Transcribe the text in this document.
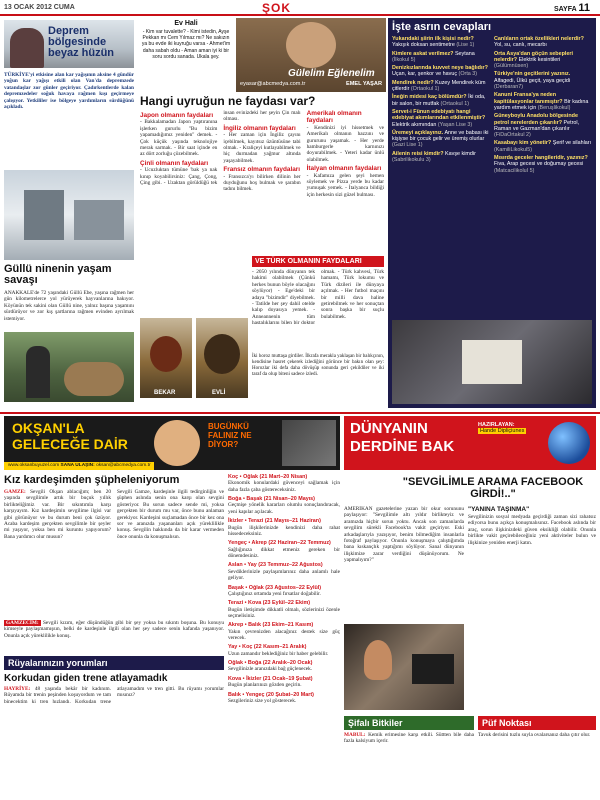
13 OCAK 2012 CUMA	ŞOK	SAYFA 11
Deprem bölgesinde beyaz hüzün
TÜRKİYE'yi etkisine alan kar yağışının aksine 4 gündür yoğun kar yağışı etkili olan Van'da depremzede vatandaşlar zor günler geçiriyor. Çadırkentlerde kalan depremzedeler soğuk havaya rağmen kışı geçirmeye çalışıyor. Yetkililer ise bölgeye yardımların sürdüğünü açıkladı.
Güllü ninenin yaşam savaşı
ANAKKALE'de 72 yaşındaki Güllü Ebe, yaşına rağmen her gün kilometrelerce yol yürüyerek hayvanlarına bakıyor. Köyünün tek sakini olan Güllü nine, yalnız başına yaşamını sürdürüyor ve zor kış şartlarına rağmen evinden ayrılmak istemiyor.
Ev Hali
- Kim var tuvalette? - Kimi istedin, Ayşe Pekkan mı Cem Yılmaz mı? Ne sakızın ya bu evde iki kuyruğu varsa - Ahmet'im daha sabah oldu - Aman aman iyi ki bir soru sordu sanada. Ukala şey.
Gülelim Eğlenelim
eyasar@abcmedya.com.tr	EMEL YAŞAR
Hangi uyruğun ne faydası var?
Japon olmanın faydaları
- Bakkalamadan Japon yaptıranına işlerken gururlu "Bu bizim yapamadığımız yeniden" demek. - Çok küçük yaşında teknolojiye merak sarmak. - Bir saat içinde en az dört zorluğu çözebilmek.
Çinli olmanın faydaları
- Ucuzluktan tümüne 'bak ya nak kınıp koyabilirsiniz: Çang, Çong, Çing gibi. - Uzaktan görüldüğü tek insan evinizdeki her şeyin Çin malı olması.
İngiliz olmanın faydaları
- Her zaman için İngiliz çayını içebilmek, kayıtsız üzüntüsüne tabi olmak. - Kraliçeyi kutlayabilmek ve hiç durmadan yağmur altında yaşayabilmek.
Fransız olmanın faydaları
- Fransızca'yı bilirken dilinin her duyduğunu hoş bulmak ve şarabın tadını bilmek.
Amerikalı olmanın faydaları
- Kendinizi iyi hissetmek ve Amerikalı olmanın hazzını ve gururunu yaşamak. - Her yerde hamburgerle karnınızı doyurabilmek. - Yeteri kadar ünlü olabilmek.
İtalyan olmanın faydaları
- Kafamıza gelen şeyi hemen söylemek ve Pizza yerde bu kadar yumuşak yemek. - İtalyanca bildiği için herkesin sizi güzel bulması.
VE TÜRK OLMANIN FAYDALARI
- 2050 yılında dünyanın tek hakimi olabilmek (Çünkü herkes bunun böyle olacağını söylüyor) - Ege'deki bir adaya "bizimdir" diyebilmek. - Tatilde her şey dahil otelde kalıp doyasıya yemek. - Anneannenin tüm hastalıklarını bilen bir doktor olmak. - Türk kahvesi, Türk hamamı, Türk lokumu ve Türk dizileri ile dünyaya açılmak. - Her futbol maçını bir milli dava haline getirebilmek ve her sonuçtan sonra başka bir suçlu bulabilmek.
BEKAR	EVLİ
İki horoz muttaşa girdiler. İlkrafa merakla yaklaşan bir balıkçının, kendisine hasret çekerek izlediğini görünce bir bakın olan şey: Horozlar iki defa daha dövüşüp sonunda geri çekildiler ve iki taraf da olup biteni sadece izledi.
İşte asrın cevapları
Yukarıdaki şiirin ilk kişisi nedir? Yakışık doksan sentimetre (Lise 1)
Kimlere askat verilmez? Seytana (İlkokul 5)
Denizkızlarında kuvvet neye bağlıdır? Uçan, kar, şenkor ve havuç (Orta 3)
Mendirek nedir? Kuzey Mendirek küm çitlerdir (Ortaokul 1)
İneğin midesi kaç bölümdür? İki oda, bir salon, bir mutfak (Ortaokul 1)
Servet-i Fünun edebiyatı hangi edebiyat akımlarından etkilenmiştir? Elektrik akımından (Yaşan Lise 3)
Üremeyi açıklayınız. Anne ve babası iki kişiyse bir çocuk gelir ve üremiş olurlar (Gazi Lise 1)
Ailenin reisi kimdir? Kavşe kimdir (Sabrilikokulu 3)
Canlıların ortak özellikleri nelerdir? Yol, su, canlı, mecarbı
Orta Asya'dan göçün sebepleri nelerdir? Elektrik kesintileri (Gülümnüsen)
Türkiye'nin geçitlerini yazınız. Alfagedi, Ülkü geçit, yaya geçidi (Derbaran7)
Kanuni Fransa'ya neden kapitülasyonlar tanımıştır? Bir kadına yardım etmek için (Beruşlikokul)
Güneyboylu Anadolu bölgesinde petrol nerelerden çıkarılır? Petrol, Raman ve Gazman'dan çıkarılır (FiDaOrtakul 2)
Kasabayı kim yönetir? Şerif ve silahları (KamiliLikokul5)
Mısırda geceler hangileridir, yazınız? Fiva, Arap gecesi ve doğumay gecesi (MatcacilikoluI 5)
OKŞAN'LA
GELECEĞE DAİR
BUGÜNKÜ FALINIZ NE DİYOR?
www.oksanbuyuzel.com SANA ULAŞIN: oksan@abcmedya.com.tr
Kız kardeşimden şüpheleniyorum
GAMZE: Sevgili Okşan ablacığım; ben 20 yaşında sevgilimle artık bir buçuk yıllık birlikteliğimiz var. Bir sıkıntımla karşı karşıyayım. Kız kardeşimin sevgilime ilgisi var gibi görünüyor ve bu durum beni çok üzüyor. Acaba kardeşim gerçekten sevgilimle bir şeyler mi yaşıyor, yoksa ben mi kuruntu yapıyorum? Bana yardımcı olur musun?
Sevgili Gamze, kardeşinle ilgili tedirginliğin ve şüphen aslında senin ona karşı olan sevgini gösteriyor. Bu sorun sadece sende mi, yoksa gerçekten bir durum mu var, önce bunu anlaman gerekiyor. Kardeşini suçlamadan önce bir kez ona sor ve aranızda yaşananları açık yüreklilikle konuş. Sevgilin hakkında da bir karar vermeden önce onunla da konuşmalısın.
GAMZECİM: Sevgili kızım, eğer düşündüğün gibi bir şey yoksa bu sıkıntı boşuna. Bu konuyu kimseyle paylaşmamışsın, belki de kardeşinle ilgili olan her şey sadece senin kafanda yaşanıyor. Onunla açık yüreklilikle konuş.
Rüyalarınızın yorumları
Korkudan giden trene atlayamadık
HAYRİYE: 48 yaşında bekâr bir kadınım. Rüyamda bir trenin peşinden koşuyordum ve tam binecektim ki tren hızlandı. Korkudan trene atlayamadım ve tren gitti. Bu rüyamı yorumlar mısınız?
Koç • Oğlak (21 Mart–20 Nisan)
Ekonomik konulardaki güvenceyi sağlamak için daha fazla çaba göstereceksiniz.
Boğa • Başak (21 Nisan–20 Mayıs)
Geçmişe yönelik kararları olumlu sonuçlandıracak, yeni kapılar açılacak.
İkizler • Terazi (21 Mayıs–21 Haziran)
Bugün ilişkilerinizde kendinizi daha rahat hissedeceksiniz.
Yengeç • Akrep (22 Haziran–22 Temmuz)
Sağlığınıza dikkat etmeniz gereken bir dönemdesiniz.
Aslan • Yay (23 Temmuz–22 Ağustos)
Sevdiklerinizle paylaşımlarınız daha anlamlı hale geliyor.
Başak • Oğlak (23 Ağustos–22 Eylül)
Çalıştığınız ortamda yeni fırsatlar doğabilir.
Terazi • Kova (23 Eylül–22 Ekim)
Bugün iletişimde dikkatli olmalı, sözlerinizi özenle seçmelisiniz.
Akrep • Balık (23 Ekim–21 Kasım)
Yakın çevrenizden alacağınız destek size güç verecek.
Yay • Koç (22 Kasım–21 Aralık)
Uzun zamandır beklediğiniz bir haber gelebilir.
Oğlak • Boğa (22 Aralık–20 Ocak)
Sevgilinizle aranızdaki bağ güçlenecek.
Kova • İkizler (21 Ocak–19 Şubat)
Bugün planlarınızı gözden geçirin.
Balık • Yengeç (20 Şubat–20 Mart)
Sezgileriniz size yol gösterecek.
DÜNYANIN
DERDİNE BAK
HAZIRLAYAN:
Hande Dipliçiunes
"SEVGİLİMLE ARAMA FACEBOOK GİRDİ!.."
AMERİKAN gazetelerine yazan bir okur sorununu paylaşıyor: "Sevgilimle altı yıldır birlikteyiz ve aramızda hiçbir sorun yoktu. Ancak son zamanlarda sevgilim sürekli Facebook'ta vakit geçiriyor. Eski arkadaşlarıyla yazışıyor, benim bilmediğim insanlarla fotoğraf paylaşıyor. Onunla konuşmaya çalıştığımda bana kıskançlık yaptığımı söylüyor. Sanal dünyanın ilişkimize zarar verdiğini düşünüyorum. Ne yapmalıyım?"
"YANINA TAŞINMA"
Sevgilinizin sosyal medyada geçirdiği zaman sizi rahatsız ediyorsa bunu açıkça konuşmalısınız. Facebook aslında bir araç, sorun ilişkinizdeki güven eksikliği olabilir. Onunla birlikte vakit geçirebileceğiniz yeni aktiviteler bulun ve ilişkinize yeniden enerji katın.
Şifalı Bitkiler
MABUL: Kemik erimesine karşı etkili. Süttten bile daha fazla kalsiyum içerir.
Püf Noktası
Tavuk derisini tuzlu suyla ovalarsanız daha çıtır olur.
